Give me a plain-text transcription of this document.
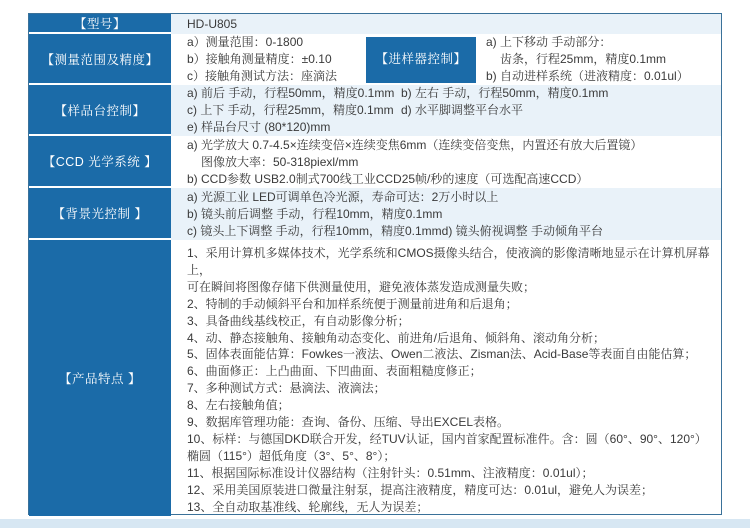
【型号】	HD-U805
【测量范围及精度】
a）测量范围：0-1800
b）接触角测量精度：±0.10
c）接触角测试方法：座滴法
【进样器控制】
a) 上下移动 手动部分：
齿条，行程25mm，精度0.1mm
b) 自动进样系统（进液精度：0.01ul）
【样品台控制】
a) 前后 手动，行程50mm，精度0.1mm
c) 上下 手动，行程25mm，精度0.1mm
e) 样品台尺寸 (80*120)mm
b) 左右 手动，行程50mm，精度0.1mm
d) 水平脚调整平台水平

【CCD 光学系统 】
a) 光学放大 0.7-4.5×连续变倍×连续变焦6mm（连续变倍变焦，内置还有放大后置镜）
图像放大率：50-318piexl/mm
b) CCD参数 USB2.0制式700线工业CCD25帧/秒的速度（可选配高速CCD）
【背景光控制 】
a) 光源工业 LED可调单色冷光源，寿命可达：2万小时以上
b) 镜头前后调整 手动，行程10mm，精度0.1mm
c) 镜头上下调整 手动，行程10mm，精度0.1mmd) 镜头俯视调整 手动倾角平台
【产品特点 】
1、采用计算机多媒体技术，光学系统和CMOS摄像头结合，使液滴的影像清晰地显示在计算机屏幕上，
可在瞬间将图像存储下供测量使用，避免液体蒸发造成测量失败；
2、特制的手动倾斜平台和加样系统便于测量前进角和后退角；
3、具备曲线基线校正，有自动影像分析；
4、动、静态接触角、接触角动态变化、前进角/后退角、倾斜角、滚动角分析；
5、固体表面能估算：Fowkes一液法、Owen二液法、Zisman法、Acid-Base等表面自由能估算；
6、曲面修正：上凸曲面、下凹曲面、表面粗糙度修正；
7、多种测试方式：悬滴法、液滴法；
8、左右接触角值；
9、数据库管理功能：查询、备份、压缩、导出EXCEL表格。
10、标样：与德国DKD联合开发，经TUV认证，国内首家配置标准件。含：圆（60°、90°、120°）
椭圆（115°）超低角度（3°、5°、8°）；
11、根据国际标准设计仪器结构（注射针头：0.51mm、注液精度：0.01ul）；
12、采用美国原装进口微量注射泵，提高注液精度，精度可达：0.01ul，避免人为误差；
13、全自动取基准线、轮廓线，无人为误差；
